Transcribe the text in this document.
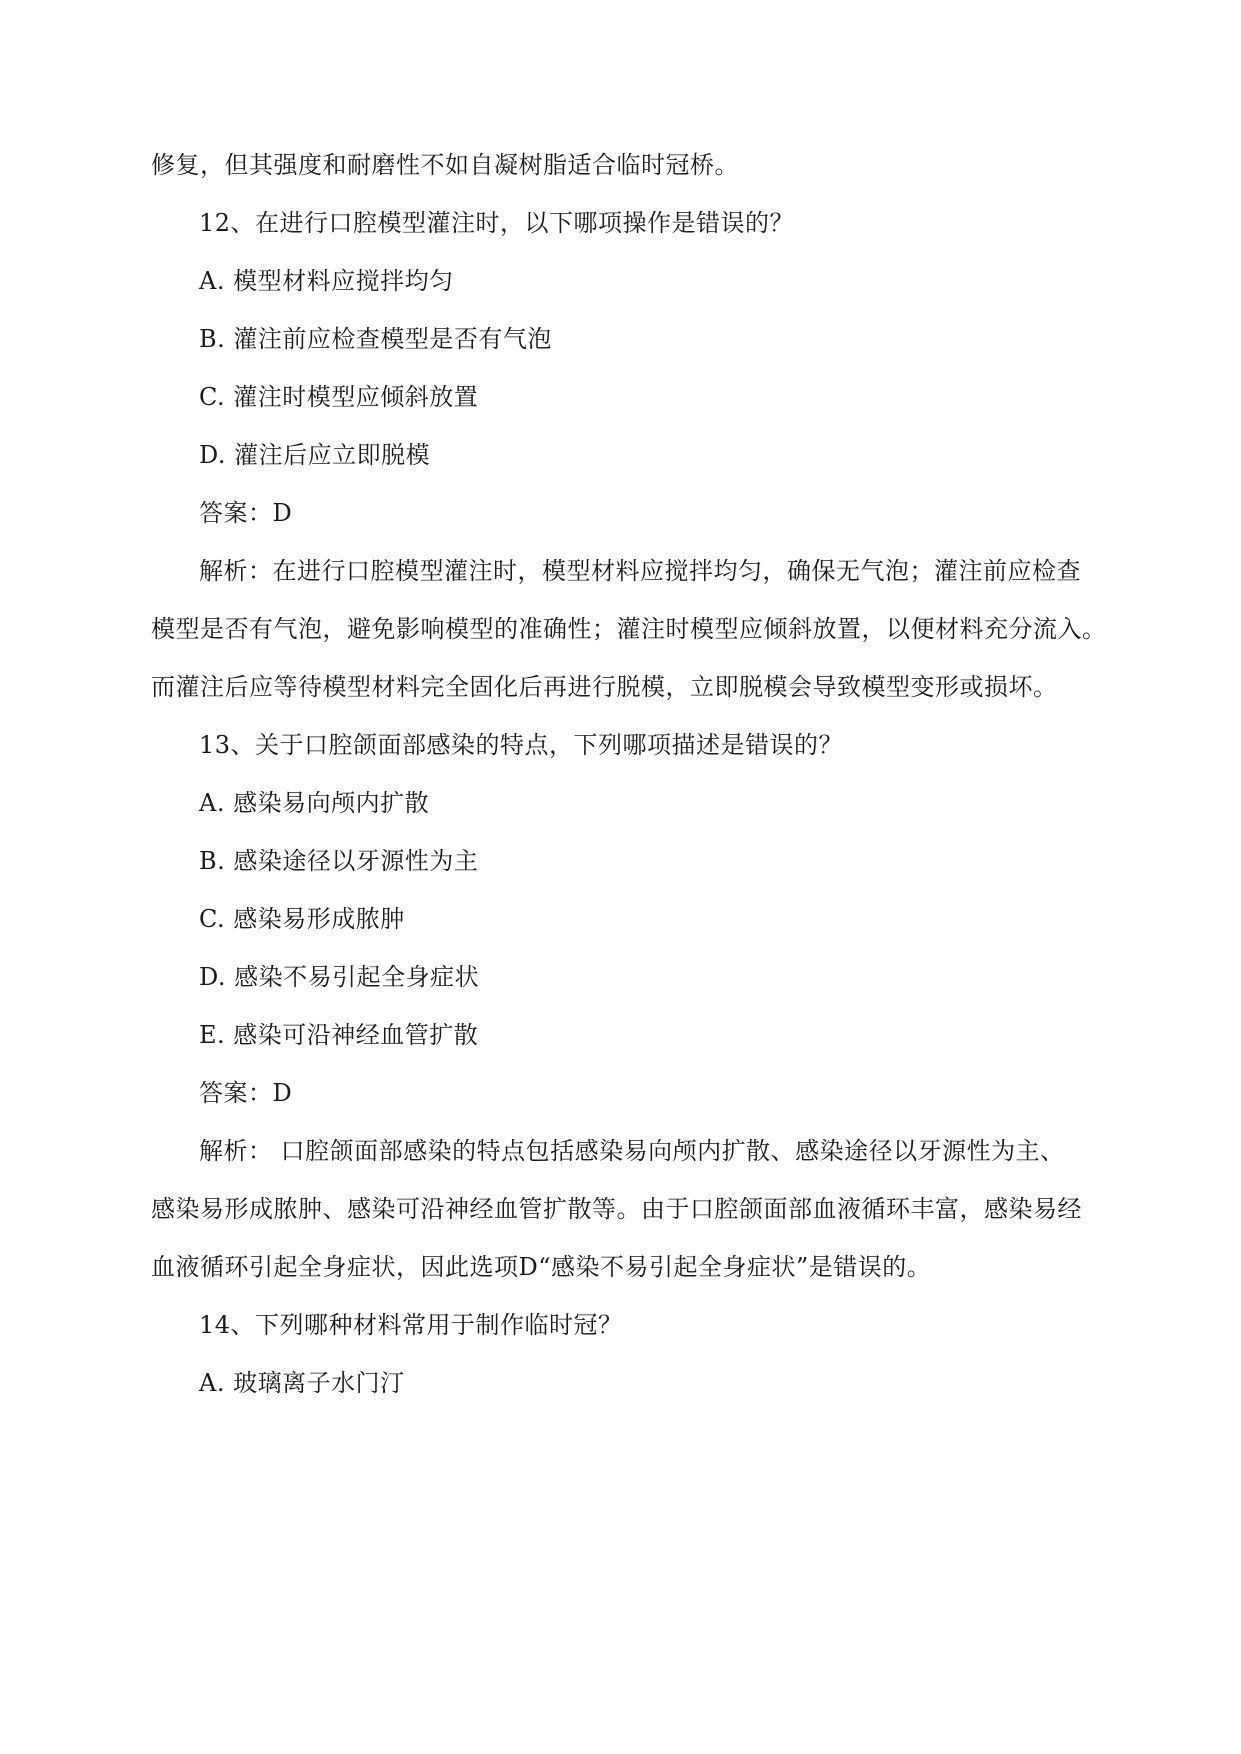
修复，但其强度和耐磨性不如自凝树脂适合临时冠桥。
12、在进行口腔模型灌注时，以下哪项操作是错误的？
A. 模型材料应搅拌均匀
B. 灌注前应检查模型是否有气泡
C. 灌注时模型应倾斜放置
D. 灌注后应立即脱模
答案：D
解析：在进行口腔模型灌注时，模型材料应搅拌均匀，确保无气泡；灌注前应检查
模型是否有气泡，避免影响模型的准确性；灌注时模型应倾斜放置，以便材料充分流入。
而灌注后应等待模型材料完全固化后再进行脱模，立即脱模会导致模型变形或损坏。
13、关于口腔颌面部感染的特点，下列哪项描述是错误的？
A. 感染易向颅内扩散
B. 感染途径以牙源性为主
C. 感染易形成脓肿
D. 感染不易引起全身症状
E. 感染可沿神经血管扩散
答案：D
解析： 口腔颌面部感染的特点包括感染易向颅内扩散、感染途径以牙源性为主、
感染易形成脓肿、感染可沿神经血管扩散等。由于口腔颌面部血液循环丰富，感染易经
血液循环引起全身症状，因此选项D“感染不易引起全身症状”是错误的。
14、下列哪种材料常用于制作临时冠？
A. 玻璃离子水门汀
